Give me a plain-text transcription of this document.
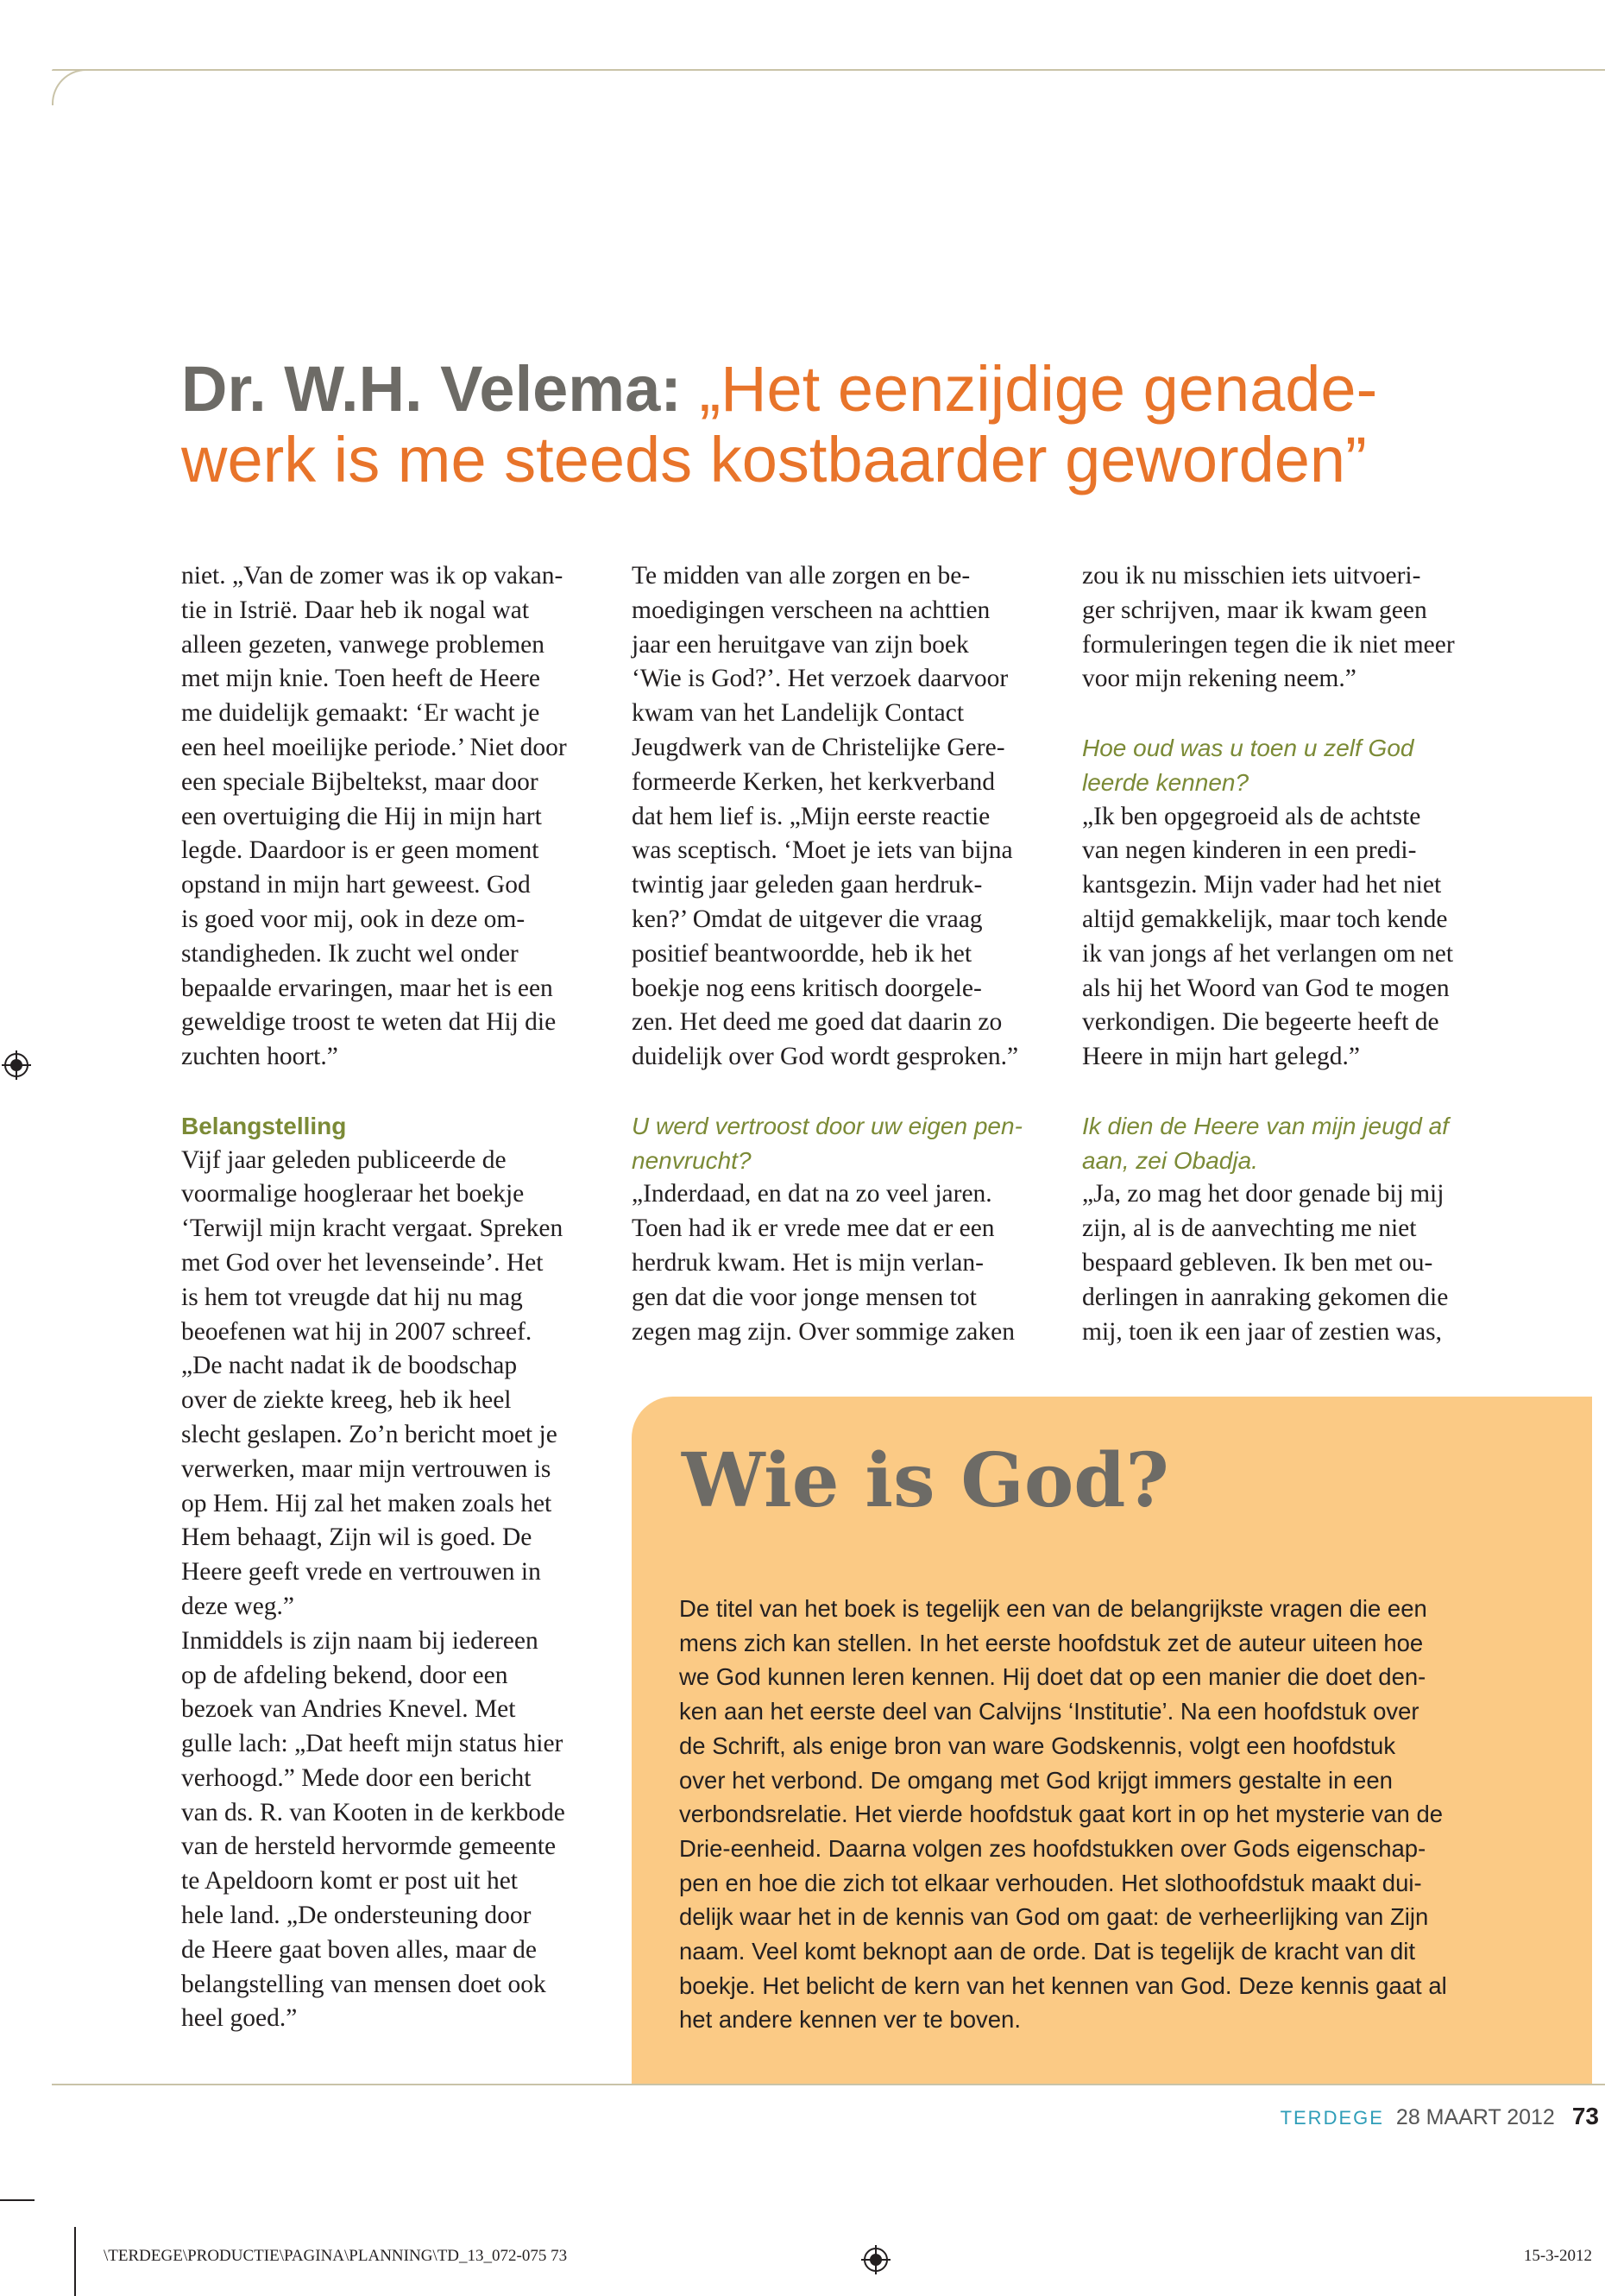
Dr. W.H. Velema: „Het eenzijdige genade-
werk is me steeds kostbaarder geworden”
niet. „Van de zomer was ik op vakan-
tie in Istrië. Daar heb ik nogal wat
alleen gezeten, vanwege problemen
met mijn knie. Toen heeft de Heere
me duidelijk gemaakt: ‘Er wacht je
een heel moeilijke periode.’ Niet door
een speciale Bijbeltekst, maar door
een overtuiging die Hij in mijn hart
legde. Daardoor is er geen moment
opstand in mijn hart geweest. God
is goed voor mij, ook in deze om-
standigheden. Ik zucht wel onder
bepaalde ervaringen, maar het is een
geweldige troost te weten dat Hij die
zuchten hoort.”
Belangstelling
Vijf jaar geleden publiceerde de
voormalige hoogleraar het boekje
‘Terwijl mijn kracht vergaat. Spreken
met God over het levenseinde’. Het
is hem tot vreugde dat hij nu mag
beoefenen wat hij in 2007 schreef.
„De nacht nadat ik de boodschap
over de ziekte kreeg, heb ik heel
slecht geslapen. Zo’n bericht moet je
verwerken, maar mijn vertrouwen is
op Hem. Hij zal het maken zoals het
Hem behaagt, Zijn wil is goed. De
Heere geeft vrede en vertrouwen in
deze weg.”
Inmiddels is zijn naam bij iedereen
op de afdeling bekend, door een
bezoek van Andries Knevel. Met
gulle lach: „Dat heeft mijn status hier
verhoogd.” Mede door een bericht
van ds. R. van Kooten in de kerkbode
van de hersteld hervormde gemeente
te Apeldoorn komt er post uit het
hele land. „De ondersteuning door
de Heere gaat boven alles, maar de
belangstelling van mensen doet ook
heel goed.”
Te midden van alle zorgen en be-
moedigingen verscheen na achttien
jaar een heruitgave van zijn boek
‘Wie is God?’. Het verzoek daarvoor
kwam van het Landelijk Contact
Jeugdwerk van de Christelijke Gere-
formeerde Kerken, het kerkverband
dat hem lief is. „Mijn eerste reactie
was sceptisch. ‘Moet je iets van bijna
twintig jaar geleden gaan herdruk-
ken?’ Omdat de uitgever die vraag
positief beantwoordde, heb ik het
boekje nog eens kritisch doorgele-
zen. Het deed me goed dat daarin zo
duidelijk over God wordt gesproken.”
U werd vertroost door uw eigen pen-
nenvrucht?
„Inderdaad, en dat na zo veel jaren.
Toen had ik er vrede mee dat er een
herdruk kwam. Het is mijn verlan-
gen dat die voor jonge mensen tot
zegen mag zijn. Over sommige zaken
zou ik nu misschien iets uitvoeri-
ger schrijven, maar ik kwam geen
formuleringen tegen die ik niet meer
voor mijn rekening neem.”
Hoe oud was u toen u zelf God
leerde kennen?
„Ik ben opgegroeid als de achtste
van negen kinderen in een predi-
kantsgezin. Mijn vader had het niet
altijd gemakkelijk, maar toch kende
ik van jongs af het verlangen om net
als hij het Woord van God te mogen
verkondigen. Die begeerte heeft de
Heere in mijn hart gelegd.”
Ik dien de Heere van mijn jeugd af
aan, zei Obadja.
„Ja, zo mag het door genade bij mij
zijn, al is de aanvechting me niet
bespaard gebleven. Ik ben met ou-
derlingen in aanraking gekomen die
mij, toen ik een jaar of zestien was,
Wie is God?
De titel van het boek is tegelijk een van de belangrijkste vragen die een
mens zich kan stellen. In het eerste hoofdstuk zet de auteur uiteen hoe
we God kunnen leren kennen. Hij doet dat op een manier die doet den-
ken aan het eerste deel van Calvijns ‘Institutie’. Na een hoofdstuk over
de Schrift, als enige bron van ware Godskennis, volgt een hoofdstuk
over het verbond. De omgang met God krijgt immers gestalte in een
verbondsrelatie. Het vierde hoofdstuk gaat kort in op het mysterie van de
Drie-eenheid. Daarna volgen zes hoofdstukken over Gods eigenschap-
pen en hoe die zich tot elkaar verhouden. Het slothoofdstuk maakt dui-
delijk waar het in de kennis van God om gaat: de verheerlijking van Zijn
naam. Veel komt beknopt aan de orde. Dat is tegelijk de kracht van dit
boekje. Het belicht de kern van het kennen van God. Deze kennis gaat al
het andere kennen ver te boven.
TERDEGE 28 MAART 2012 73
\TERDEGE\PRODUCTIE\PAGINA\PLANNING\TD_13_072-075 73	15-3-2012
